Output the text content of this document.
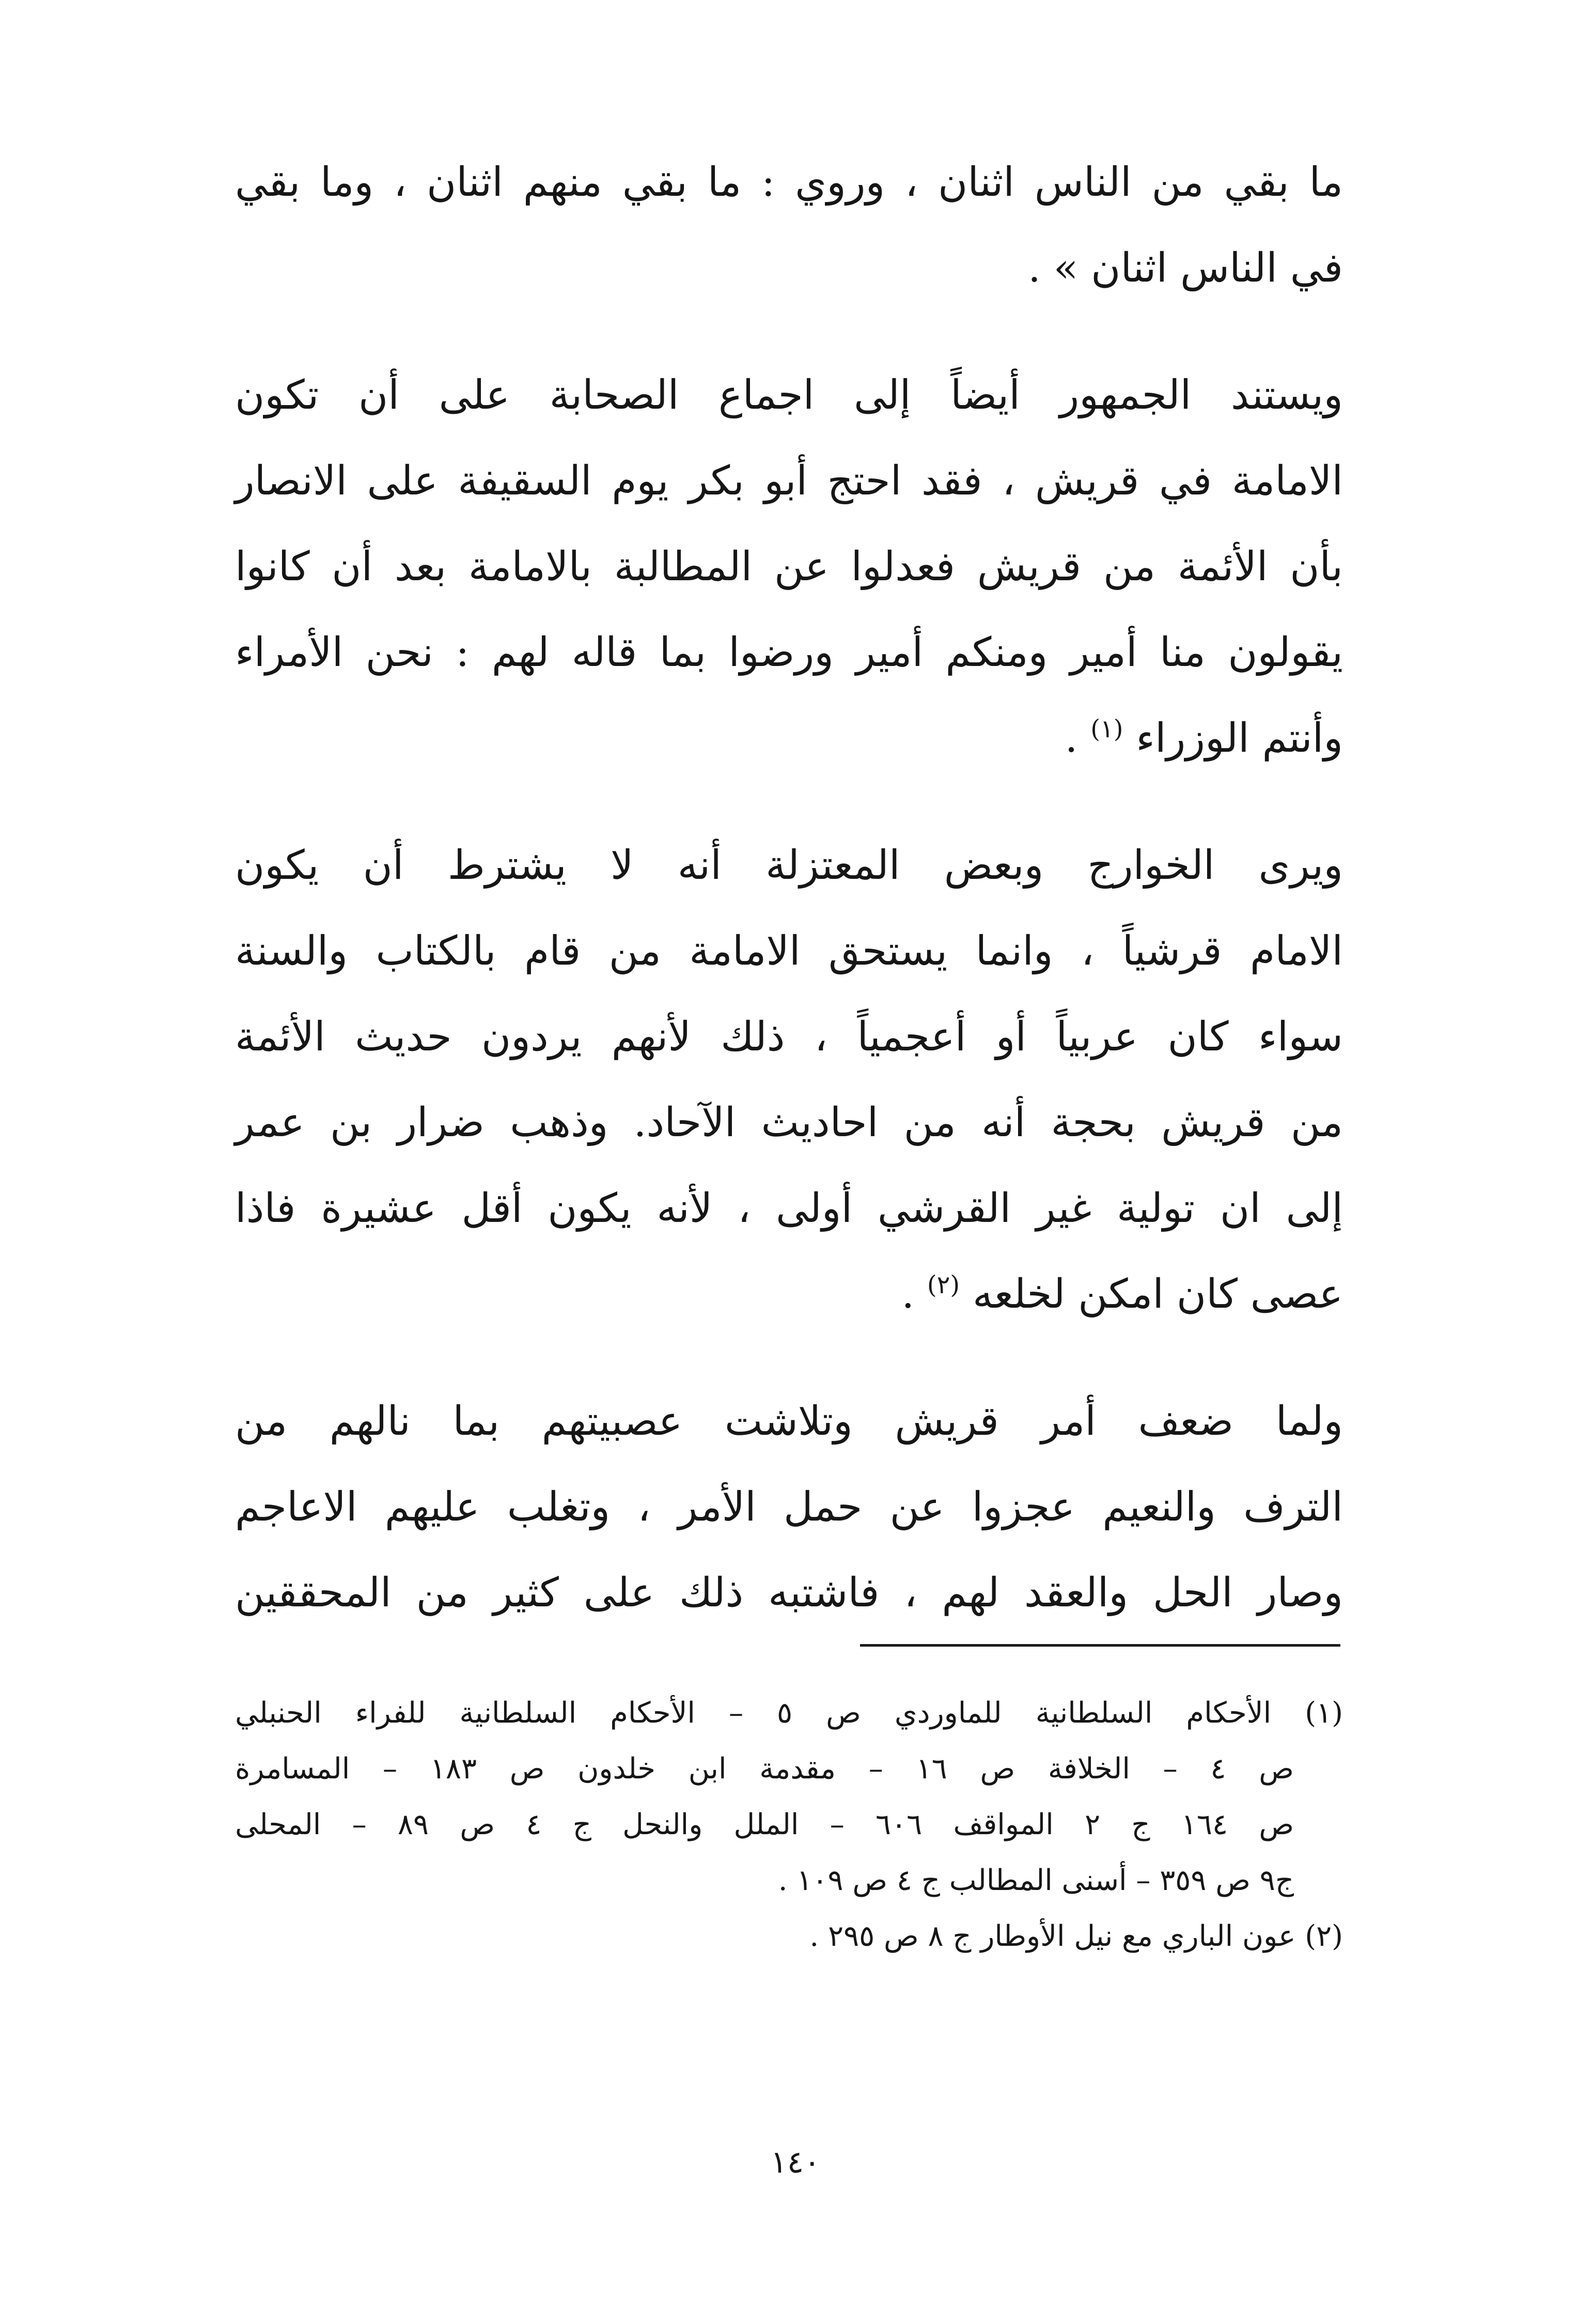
ما بقي من الناس اثنان ، وروي : ما بقي منهم اثنان ، وما بقي
في الناس اثنان » .
ويستند الجمهور أيضاً إلى اجماع الصحابة على أن تكون
الامامة في قريش ، فقد احتج أبو بكر يوم السقيفة على الانصار
بأن الأئمة من قريش فعدلوا عن المطالبة بالامامة بعد أن كانوا
يقولون منا أمير ومنكم أمير ورضوا بما قاله لهم : نحن الأمراء
وأنتم الوزراء $^{(١)}$ .
ويرى الخوارج وبعض المعتزلة أنه لا يشترط أن يكون
الامام قرشياً ، وانما يستحق الامامة من قام بالكتاب والسنة
سواء كان عربياً أو أعجمياً ، ذلك لأنهم يردون حديث الأئمة
من قريش بحجة أنه من احاديث الآحاد. وذهب ضرار بن عمر
إلى ان تولية غير القرشي أولى ، لأنه يكون أقل عشيرة فاذا
عصى كان امكن لخلعه $^{(٢)}$ .
ولما ضعف أمر قريش وتلاشت عصبيتهم بما نالهم من
الترف والنعيم عجزوا عن حمل الأمر ، وتغلب عليهم الاعاجم
وصار الحل والعقد لهم ، فاشتبه ذلك على كثير من المحققين
(١) الأحكام السلطانية للماوردي ص ٥ – الأحكام السلطانية للفراء الحنبلي
ص ٤ – الخلافة ص ١٦ – مقدمة ابن خلدون ص ١٨٣ – المسامرة
ص ١٦٤ ج ٢ المواقف ٦٠٦ – الملل والنحل ج ٤ ص ٨٩ – المحلى
ج٩ ص ٣٥٩ – أسنى المطالب ج ٤ ص ١٠٩ .
(٢) عون الباري مع نيل الأوطار ج ٨ ص ٢٩٥ .
١٤٠
